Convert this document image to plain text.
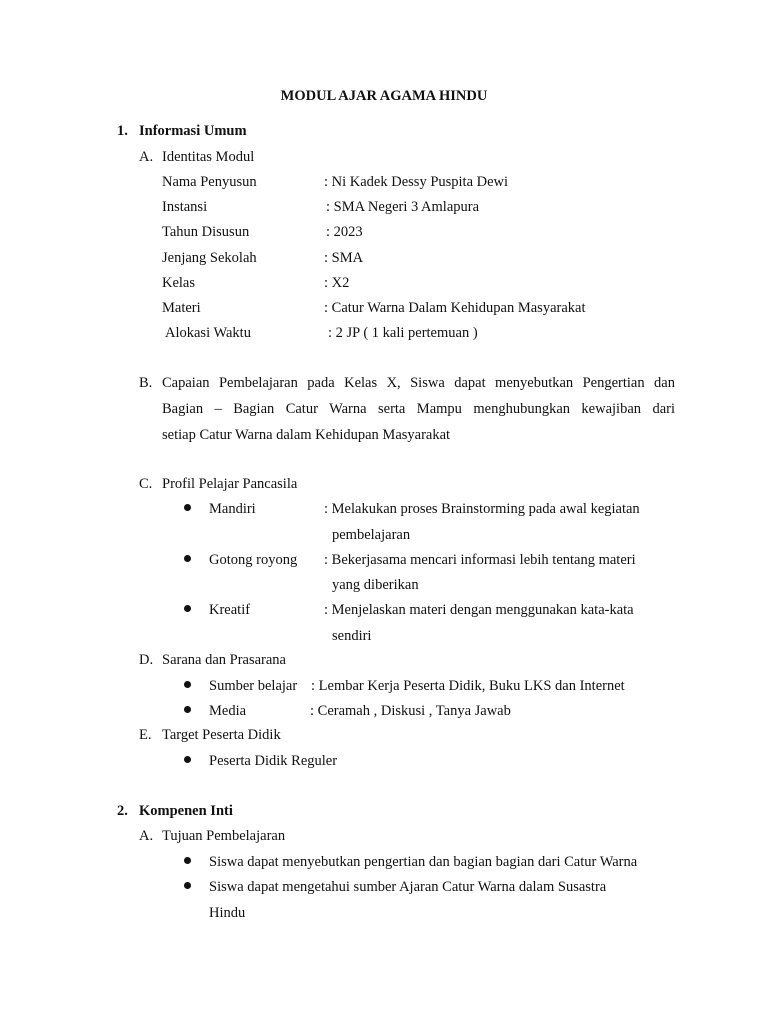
MODUL AJAR AGAMA HINDU
1. Informasi Umum
A. Identitas Modul
Nama Penyusun	: Ni Kadek Dessy Puspita Dewi
Instansi	: SMA Negeri 3 Amlapura
Tahun Disusun	: 2023
Jenjang Sekolah	: SMA
Kelas	: X2
Materi	: Catur Warna Dalam Kehidupan Masyarakat
Alokasi Waktu	: 2 JP ( 1 kali pertemuan )
B. Capaian Pembelajaran pada Kelas X, Siswa dapat menyebutkan Pengertian dan
Bagian – Bagian Catur Warna serta Mampu menghubungkan kewajiban dari
setiap Catur Warna dalam Kehidupan Masyarakat
C. Profil Pelajar Pancasila
Mandiri	: Melakukan proses Brainstorming pada awal kegiatan
pembelajaran
Gotong royong : Bekerjasama mencari informasi lebih tentang materi
yang diberikan
Kreatif	: Menjelaskan materi dengan menggunakan kata-kata
sendiri
D. Sarana dan Prasarana
Sumber belajar : Lembar Kerja Peserta Didik, Buku LKS dan Internet
Media	: Ceramah , Diskusi , Tanya Jawab
E. Target Peserta Didik
Peserta Didik Reguler
2. Kompenen Inti
A. Tujuan Pembelajaran
Siswa dapat menyebutkan pengertian dan bagian bagian dari Catur Warna
Siswa dapat mengetahui sumber Ajaran Catur Warna dalam Susastra
Hindu
